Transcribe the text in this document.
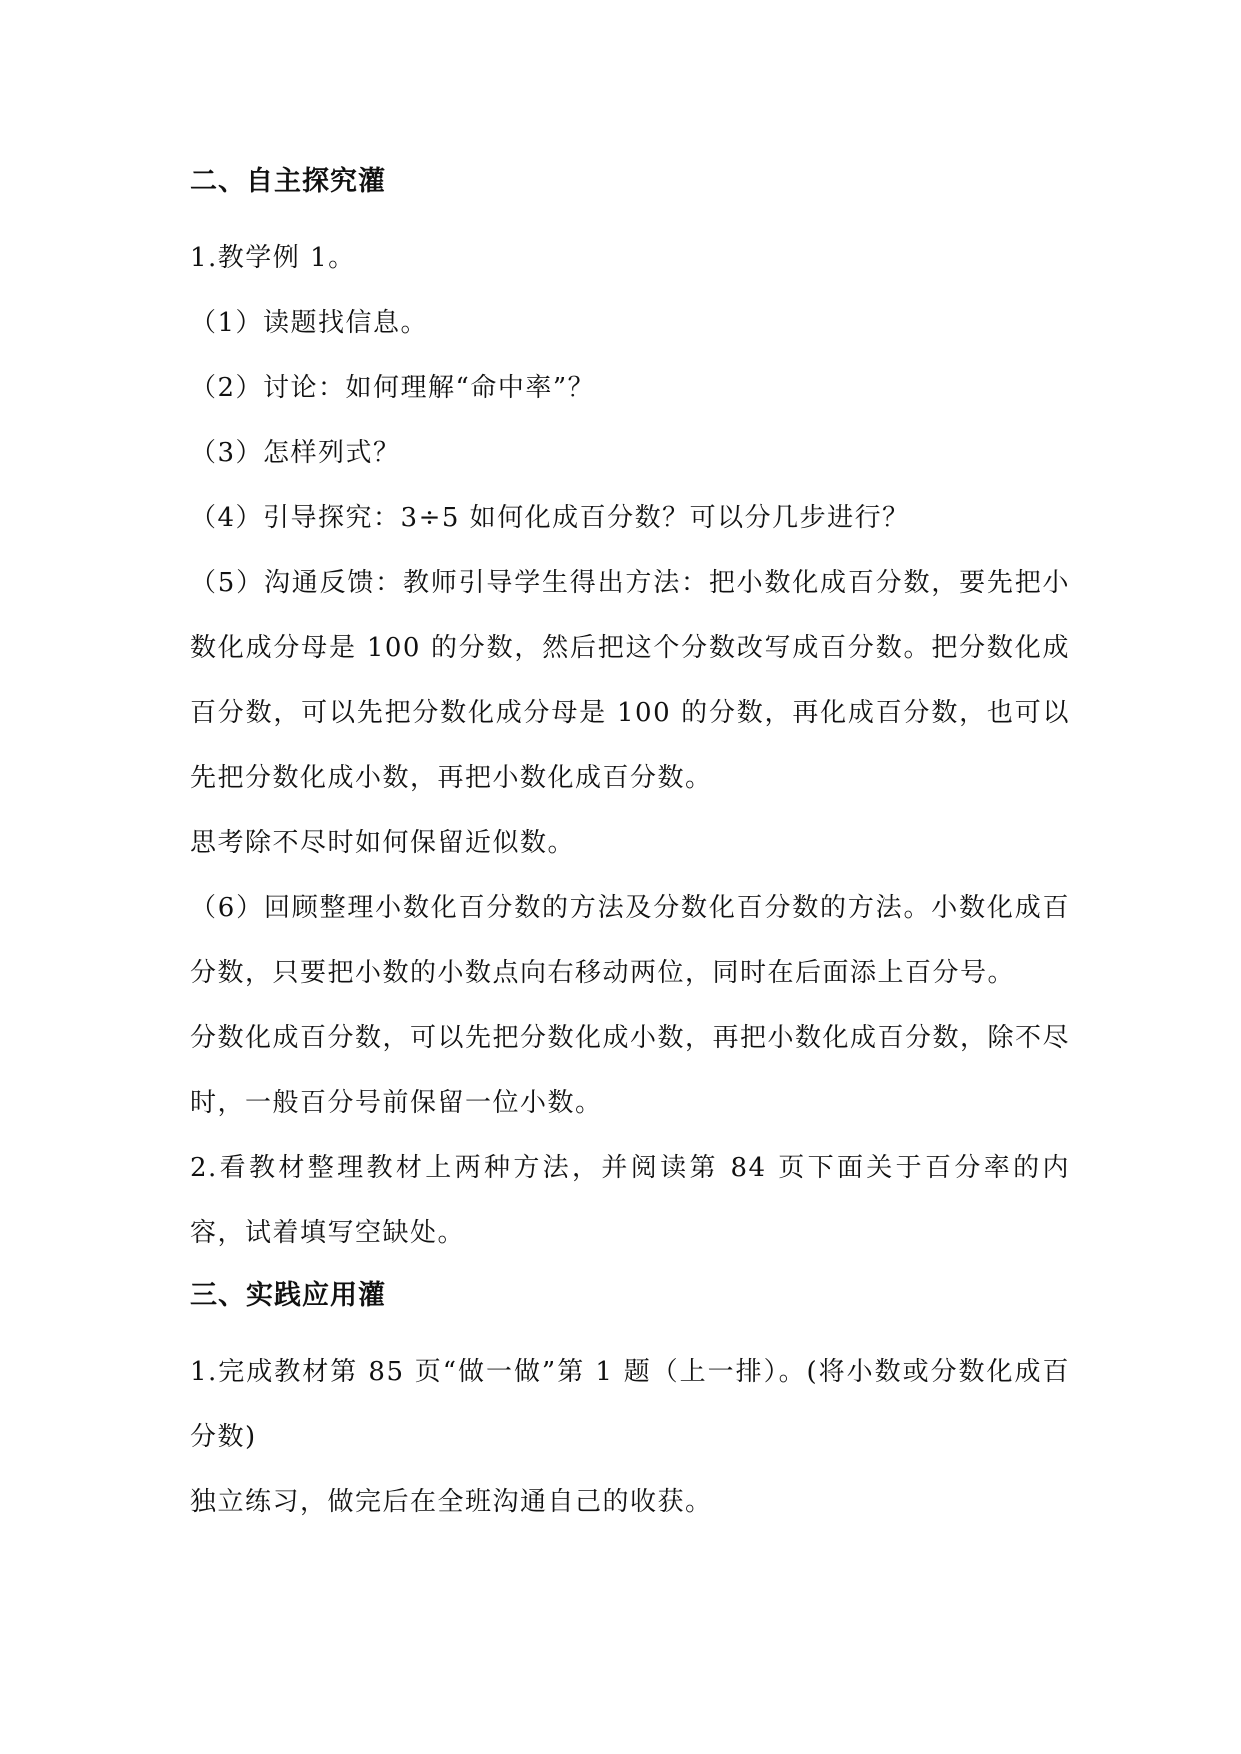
二、自主探究灌

1.教学例 1。

（1）读题找信息。

（2）讨论：如何理解“命中率”？

（3）怎样列式？

（4）引导探究：3÷5 如何化成百分数？可以分几步进行？

（5）沟通反馈：教师引导学生得出方法：把小数化成百分数，要先把小数化成分母是 100 的分数，然后把这个分数改写成百分数。把分数化成百分数，可以先把分数化成分母是 100 的分数，再化成百分数，也可以先把分数化成小数，再把小数化成百分数。

思考除不尽时如何保留近似数。

（6）回顾整理小数化百分数的方法及分数化百分数的方法。小数化成百分数，只要把小数的小数点向右移动两位，同时在后面添上百分号。

分数化成百分数，可以先把分数化成小数，再把小数化成百分数，除不尽时，一般百分号前保留一位小数。

2.看教材整理教材上两种方法，并阅读第 84 页下面关于百分率的内容，试着填写空缺处。

三、实践应用灌

1.完成教材第 85 页“做一做”第 1 题（上一排）。(将小数或分数化成百分数)

独立练习，做完后在全班沟通自己的收获。
